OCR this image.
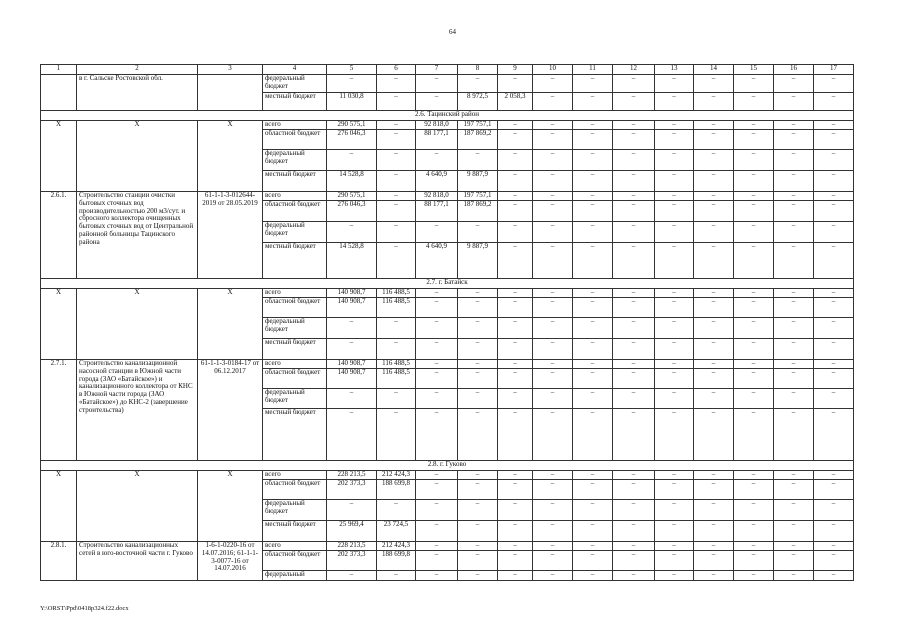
64
1	2	3	4	5	6	7	8	9	10	11	12	13	14	15	16	17
	в г. Сальске Ростовской обл.		федеральный бюджет	–	–	–	–	–	–	–	–	–	–	–	–	–
			местный бюджет	11 030,8	–	–	8 972,5	2 058,3	–	–	–	–	–	–	–	–
2.6. Тацинский район																
Х	Х	Х	всего	290 575,1	–	92 818,0	197 757,1	–	–	–	–	–	–	–	–	–
			областной бюджет	276 046,3	–	88 177,1	187 869,2	–	–	–	–	–	–	–	–	–
			федеральный бюджет	–	–	–	–	–	–	–	–	–	–	–	–	–
			местный бюджет	14 528,8	–	4 640,9	9 887,9	–	–	–	–	–	–	–	–	–
2.6.1.	Строительство станции очистки бытовых сточных вод производительностью 200 м3/сут. и сбросного коллектора очищенных бытовых сточных вод от Центральной районной больницы Тацинского района	61-1-1-3-012644-2019 от 28.05.2019	всего	290 575,1	–	92 818,0	197 757,1	–	–	–	–	–	–	–	–	–
			областной бюджет	276 046,3	–	88 177,1	187 869,2	–	–	–	–	–	–	–	–	–
			федеральный бюджет	–	–	–	–	–	–	–	–	–	–	–	–	–
			местный бюджет	14 528,8	–	4 640,9	9 887,9	–	–	–	–	–	–	–	–	–
2.7. г. Батайск																
Х	Х	Х	всего	140 908,7	116 488,5	–	–	–	–	–	–	–	–	–	–	–
			областной бюджет	140 908,7	116 488,5	–	–	–	–	–	–	–	–	–	–	–
			федеральный бюджет	–	–	–	–	–	–	–	–	–	–	–	–	–
			местный бюджет	–	–	–	–	–	–	–	–	–	–	–	–	–
2.7.1.	Строительство канализационной насосной станции в Южной части города (ЗАО «Батайское») и канализационного коллектора от КНС в Южной части города (ЗАО «Батайское») до КНС-2 (завершение строительства)	61-1-1-3-0184-17 от 06.12.2017	всего	140 908,7	116 488,5	–	–	–	–	–	–	–	–	–	–	–
			областной бюджет	140 908,7	116 488,5	–	–	–	–	–	–	–	–	–	–	–
			федеральный бюджет	–	–	–	–	–	–	–	–	–	–	–	–	–
			местный бюджет	–	–	–	–	–	–	–	–	–	–	–	–	–
2.8. г. Гуково																
Х	Х	Х	всего	228 213,5	212 424,3	–	–	–	–	–	–	–	–	–	–	–
			областной бюджет	202 373,3	188 699,8	–	–	–	–	–	–	–	–	–	–	–
			федеральный бюджет	–	–	–	–	–	–	–	–	–	–	–	–	–
			местный бюджет	25 969,4	23 724,5	–	–	–	–	–	–	–	–	–	–	–
2.8.1.	Строительство канализационных сетей в юго-восточной части г. Гуково	1-6-1-0220-16 от 14.07.2016; 61-1-1-3-0077-16 от 14.07.2016	всего	228 213,5	212 424,3	–	–	–	–	–	–	–	–	–	–	–
			областной бюджет	202 373,3	188 699,8	–	–	–	–	–	–	–	–	–	–	–
			федеральный	–	–	–	–	–	–	–	–	–	–	–	–	–
Y:\ORST\Ppd\0418p324.f22.docx
